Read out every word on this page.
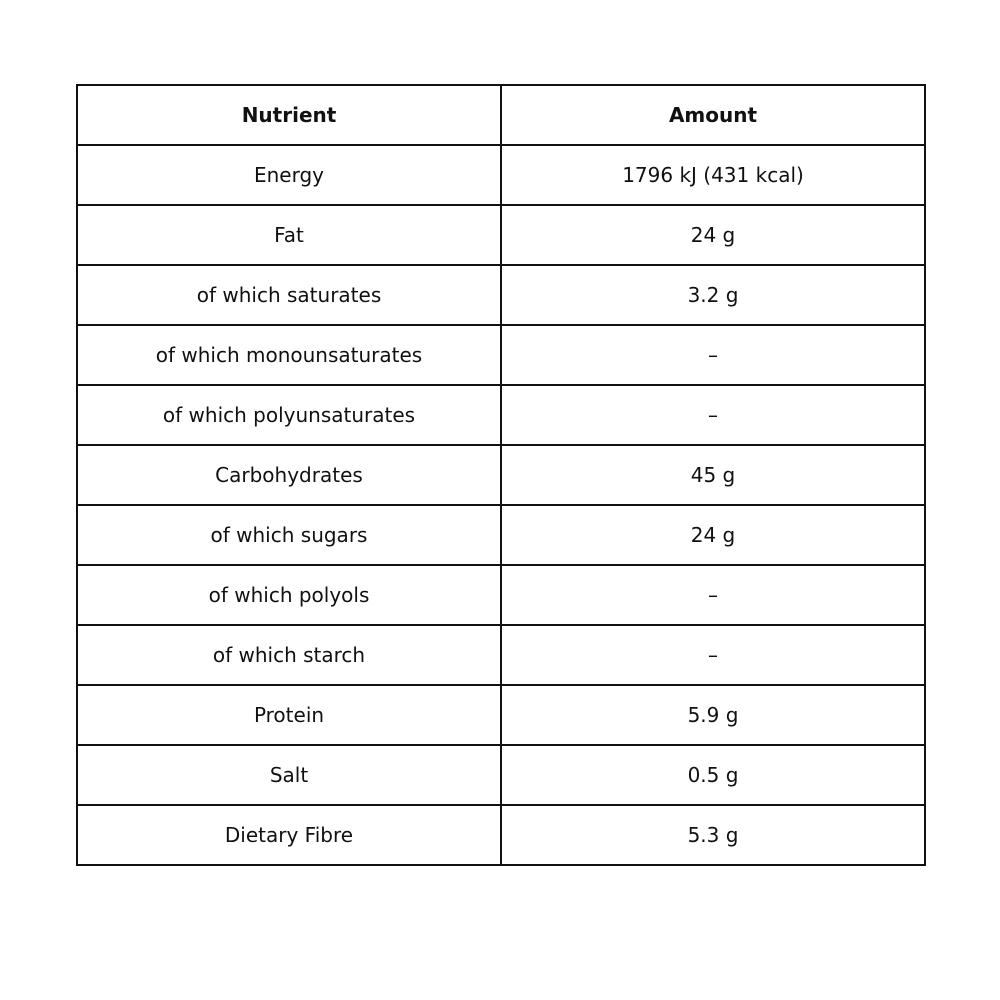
Nutrient	Amount
Energy	1796 kJ (431 kcal)
Fat	24 g
of which saturates	3.2 g
of which monounsaturates	–
of which polyunsaturates	–
Carbohydrates	45 g
of which sugars	24 g
of which polyols	–
of which starch	–
Protein	5.9 g
Salt	0.5 g
Dietary Fibre	5.3 g
